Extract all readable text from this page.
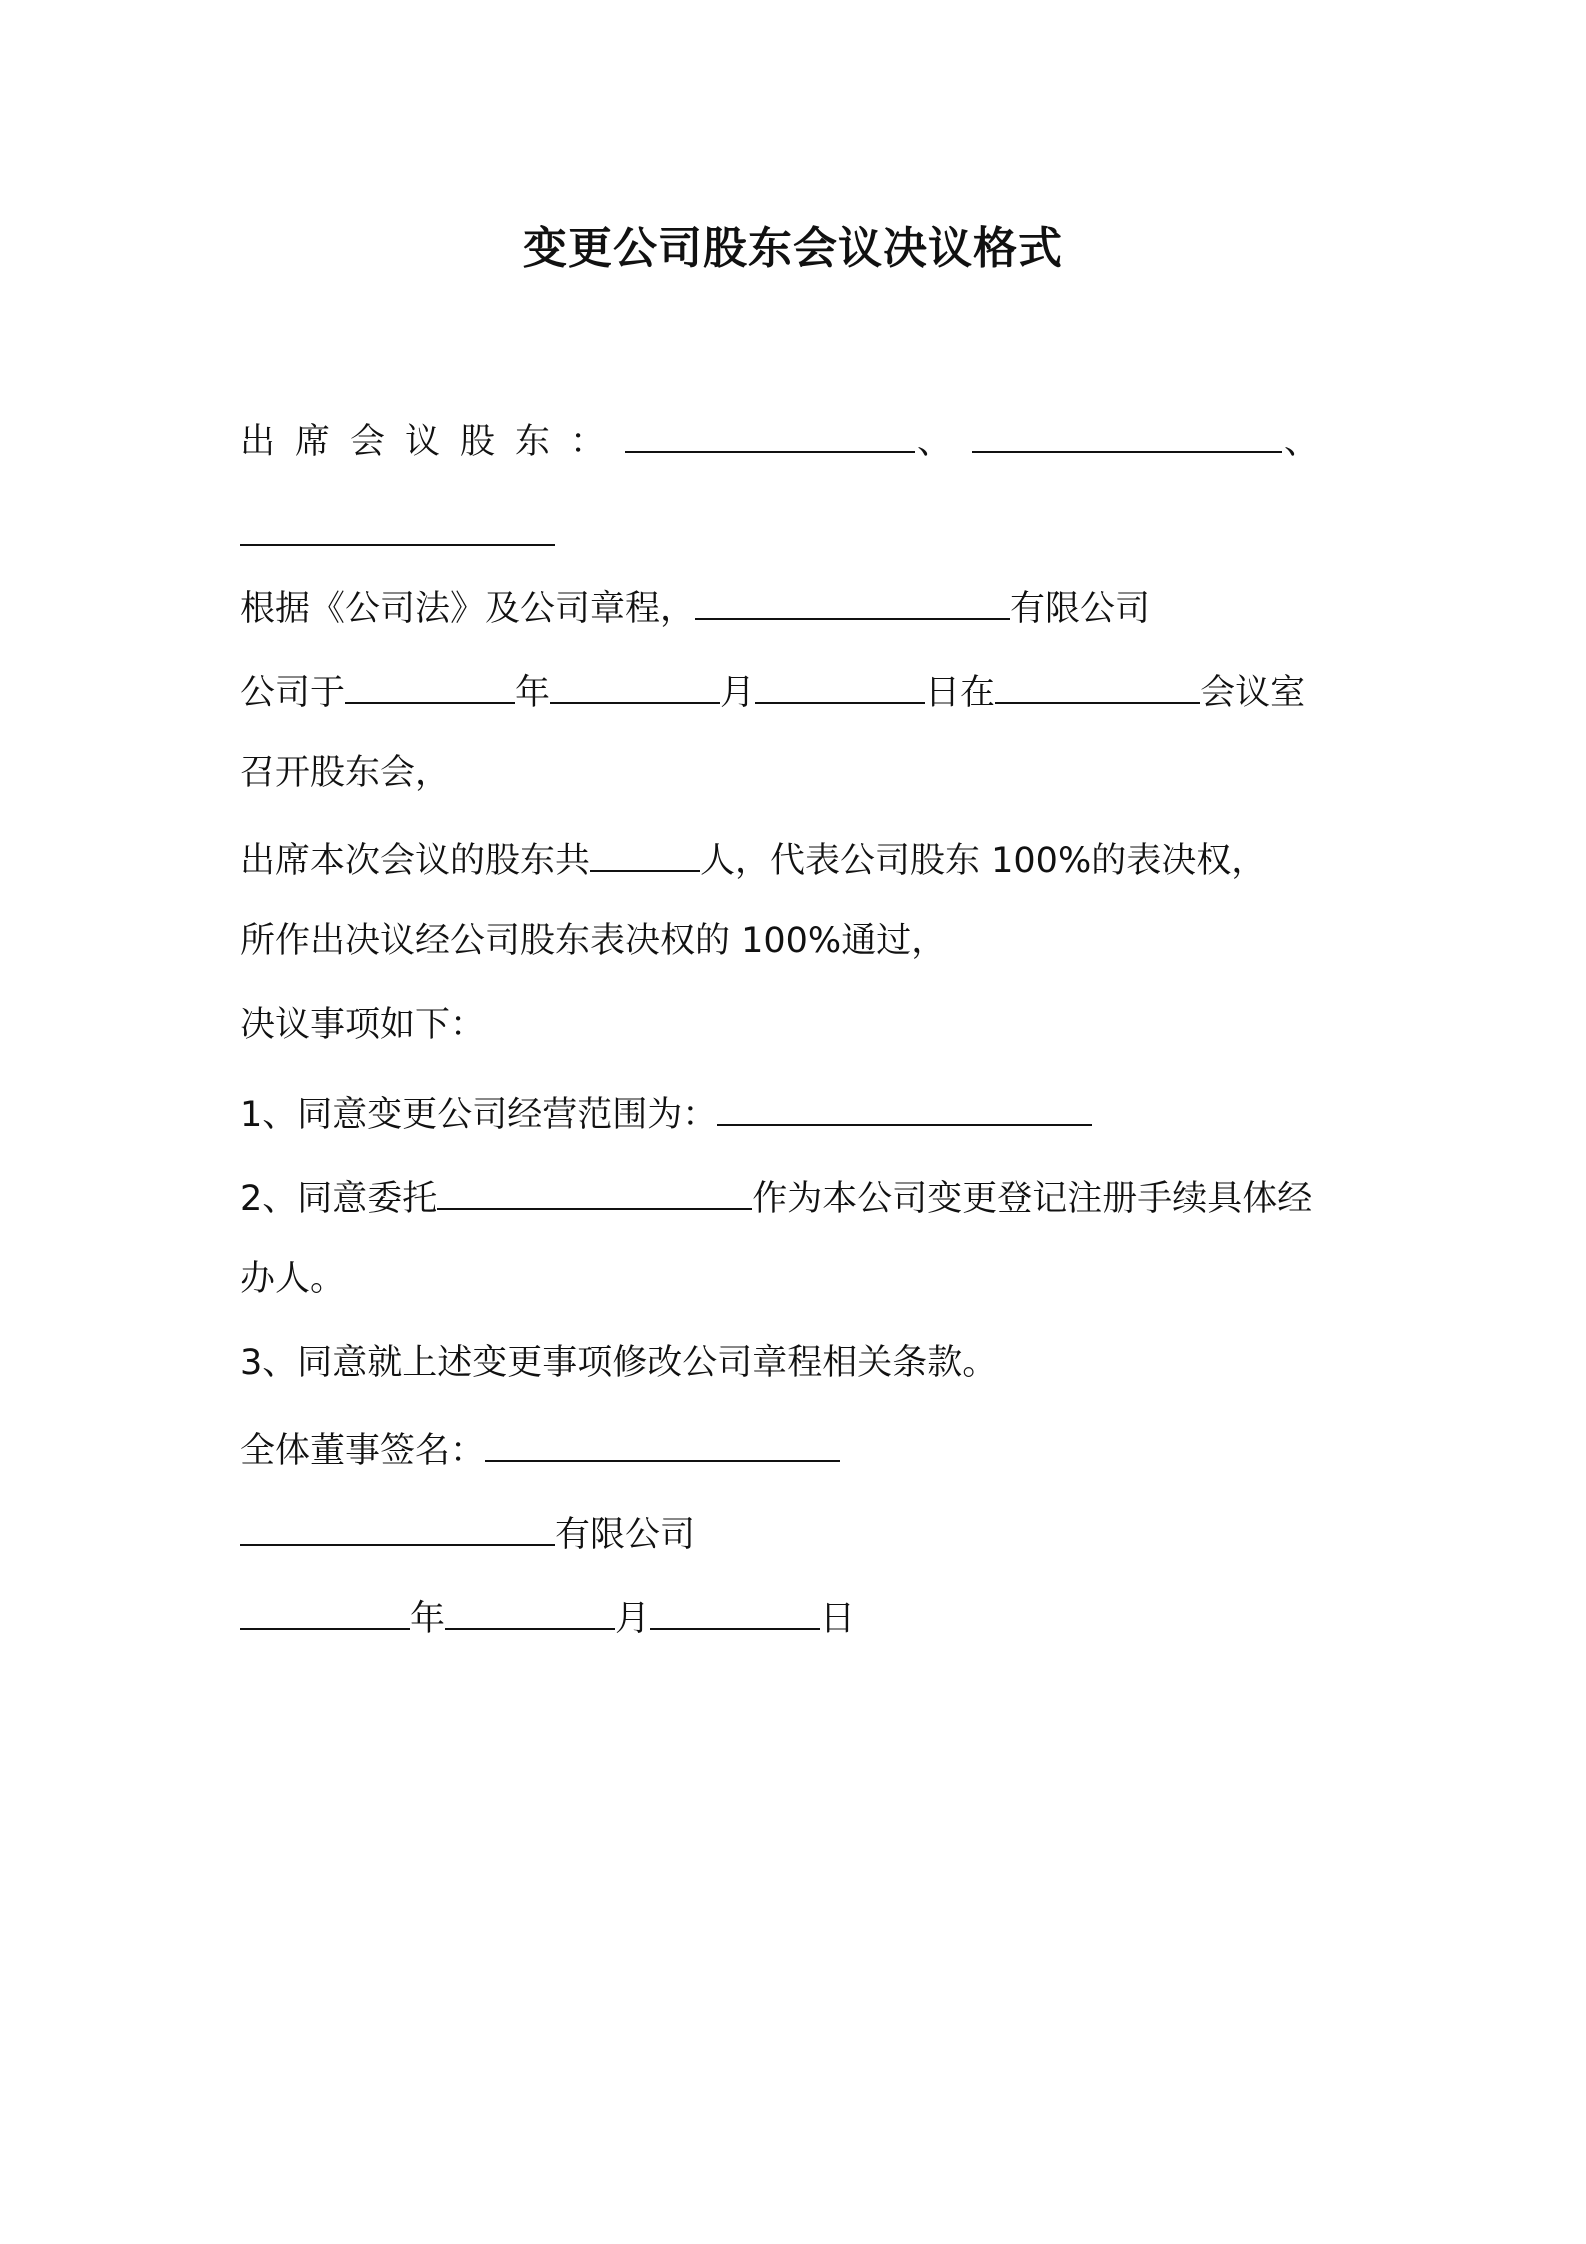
变更公司股东会议决议格式
出席会议股东：	、	、
根据《公司法》及公司章程，	有限公司
公司于	年	月	日在	会议室
召开股东会，
出席本次会议的股东共	人，代表公司股东 100%的表决权，
所作出决议经公司股东表决权的 100%通过，
决议事项如下：
1、同意变更公司经营范围为：
2、同意委托	作为本公司变更登记注册手续具体经
办人。
3、同意就上述变更事项修改公司章程相关条款。
全体董事签名：
有限公司
年	月	日
